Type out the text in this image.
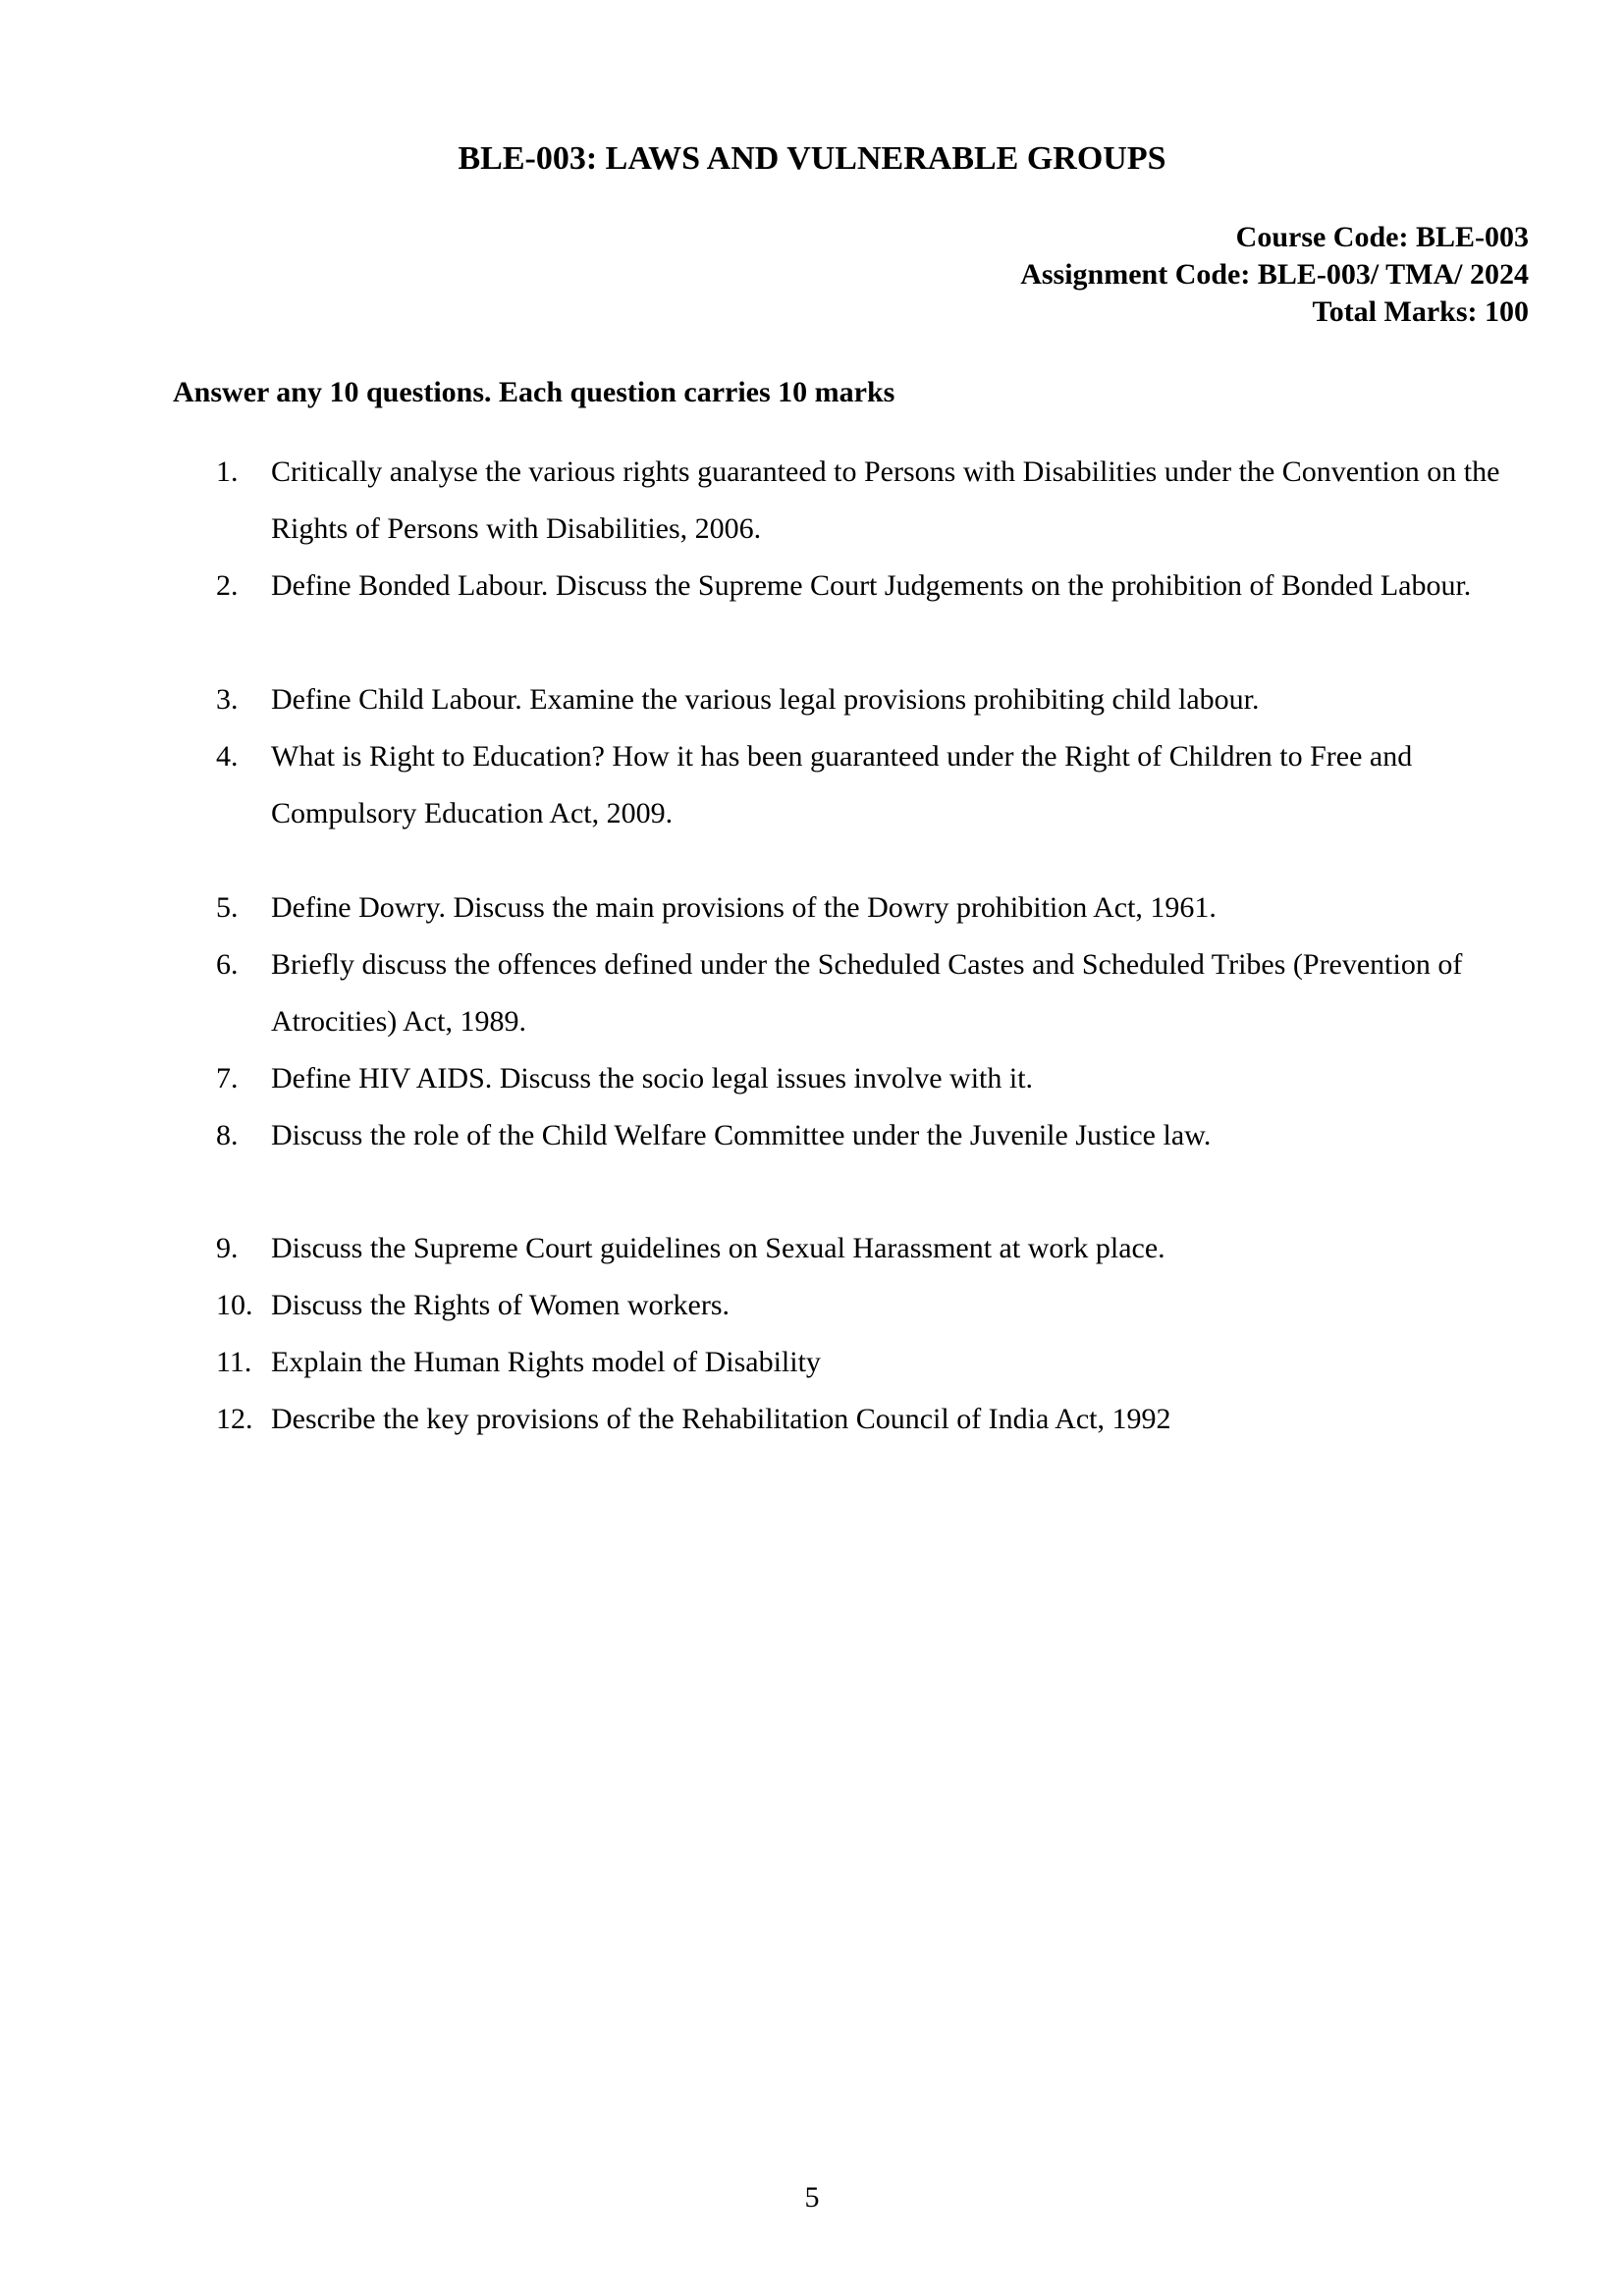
BLE-003: LAWS AND VULNERABLE GROUPS
Course Code: BLE-003
Assignment Code: BLE-003/ TMA/ 2024
Total Marks: 100
Answer any 10 questions. Each question carries 10 marks
1.	Critically analyse the various rights guaranteed to Persons with Disabilities under the Convention on the Rights of Persons with Disabilities, 2006.
2.	Define Bonded Labour. Discuss the Supreme Court Judgements on the prohibition of Bonded Labour.
3.	Define Child Labour. Examine the various legal provisions prohibiting child labour.
4.	What is Right to Education? How it has been guaranteed under the Right of Children to Free and Compulsory Education Act, 2009.
5.	Define Dowry. Discuss the main provisions of the Dowry prohibition Act, 1961.
6.	Briefly discuss the offences defined under the Scheduled Castes and Scheduled Tribes (Prevention of Atrocities) Act, 1989.
7.	Define HIV AIDS. Discuss the socio legal issues involve with it.
8.	Discuss the role of the Child Welfare Committee under the Juvenile Justice law.
9.	Discuss the Supreme Court guidelines on Sexual Harassment at work place.
10. Discuss the Rights of Women workers.
11. Explain the Human Rights model of Disability
12. Describe the key provisions of the Rehabilitation Council of India Act, 1992
5
